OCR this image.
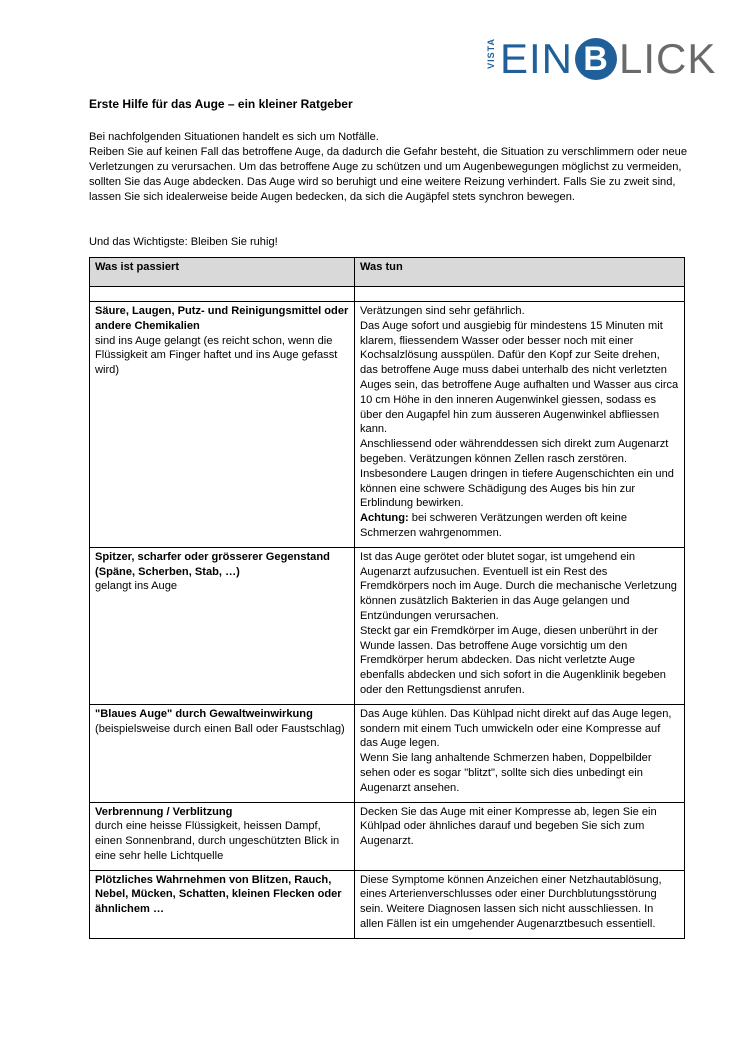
VISTA EIN B LICK
Erste Hilfe für das Auge – ein kleiner Ratgeber

Bei nachfolgenden Situationen handelt es sich um Notfälle.

Reiben Sie auf keinen Fall das betroffene Auge, da dadurch die Gefahr besteht, die Situation zu verschlimmern oder neue Verletzungen zu verursachen. Um das betroffene Auge zu schützen und um Augenbewegungen möglichst zu vermeiden, sollten Sie das Auge abdecken. Das Auge wird so beruhigt und eine weitere Reizung verhindert. Falls Sie zu zweit sind, lassen Sie sich idealerweise beide Augen bedecken, da sich die Augäpfel stets synchron bewegen.

Und das Wichtigste: Bleiben Sie ruhig!
Was ist passiert	Was tun

Säure, Laugen, Putz- und Reinigungsmittel oder andere Chemikalien
sind ins Auge gelangt (es reicht schon, wenn die Flüssigkeit am Finger haftet und ins Auge gefasst wird)	Verätzungen sind sehr gefährlich.
Das Auge sofort und ausgiebig für mindestens 15 Minuten mit klarem, fliessendem Wasser oder besser noch mit einer Kochsalzlösung ausspülen. Dafür den Kopf zur Seite drehen, das betroffene Auge muss dabei unterhalb des nicht verletzten Auges sein, das betroffene Auge aufhalten und Wasser aus circa 10 cm Höhe in den inneren Augenwinkel giessen, sodass es über den Augapfel hin zum äusseren Augenwinkel abfliessen kann.
Anschliessend oder währenddessen sich direkt zum Augenarzt begeben. Verätzungen können Zellen rasch zerstören. Insbesondere Laugen dringen in tiefere Augenschichten ein und können eine schwere Schädigung des Auges bis hin zur Erblindung bewirken.
Achtung: bei schweren Verätzungen werden oft keine Schmerzen wahrgenommen.

Spitzer, scharfer oder grösserer Gegenstand (Späne, Scherben, Stab, …)
gelangt ins Auge	Ist das Auge gerötet oder blutet sogar, ist umgehend ein Augenarzt aufzusuchen. Eventuell ist ein Rest des Fremdkörpers noch im Auge. Durch die mechanische Verletzung können zusätzlich Bakterien in das Auge gelangen und Entzündungen verursachen.
Steckt gar ein Fremdkörper im Auge, diesen unberührt in der Wunde lassen. Das betroffene Auge vorsichtig um den Fremdkörper herum abdecken. Das nicht verletzte Auge ebenfalls abdecken und sich sofort in die Augenklinik begeben oder den Rettungsdienst anrufen.

"Blaues Auge" durch Gewaltweinwirkung
(beispielsweise durch einen Ball oder Faustschlag)	Das Auge kühlen. Das Kühlpad nicht direkt auf das Auge legen, sondern mit einem Tuch umwickeln oder eine Kompresse auf das Auge legen.
Wenn Sie lang anhaltende Schmerzen haben, Doppelbilder sehen oder es sogar "blitzt", sollte sich dies unbedingt ein Augenarzt ansehen.

Verbrennung / Verblitzung
durch eine heisse Flüssigkeit, heissen Dampf, einen Sonnenbrand, durch ungeschützten Blick in eine sehr helle Lichtquelle	Decken Sie das Auge mit einer Kompresse ab, legen Sie ein Kühlpad oder ähnliches darauf und begeben Sie sich zum Augenarzt.

Plötzliches Wahrnehmen von Blitzen, Rauch, Nebel, Mücken, Schatten, kleinen Flecken oder ähnlichem …	Diese Symptome können Anzeichen einer Netzhautablösung, eines Arterienverschlusses oder einer Durchblutungsstörung sein. Weitere Diagnosen lassen sich nicht ausschliessen. In allen Fällen ist ein umgehender Augenarztbesuch essentiell.
